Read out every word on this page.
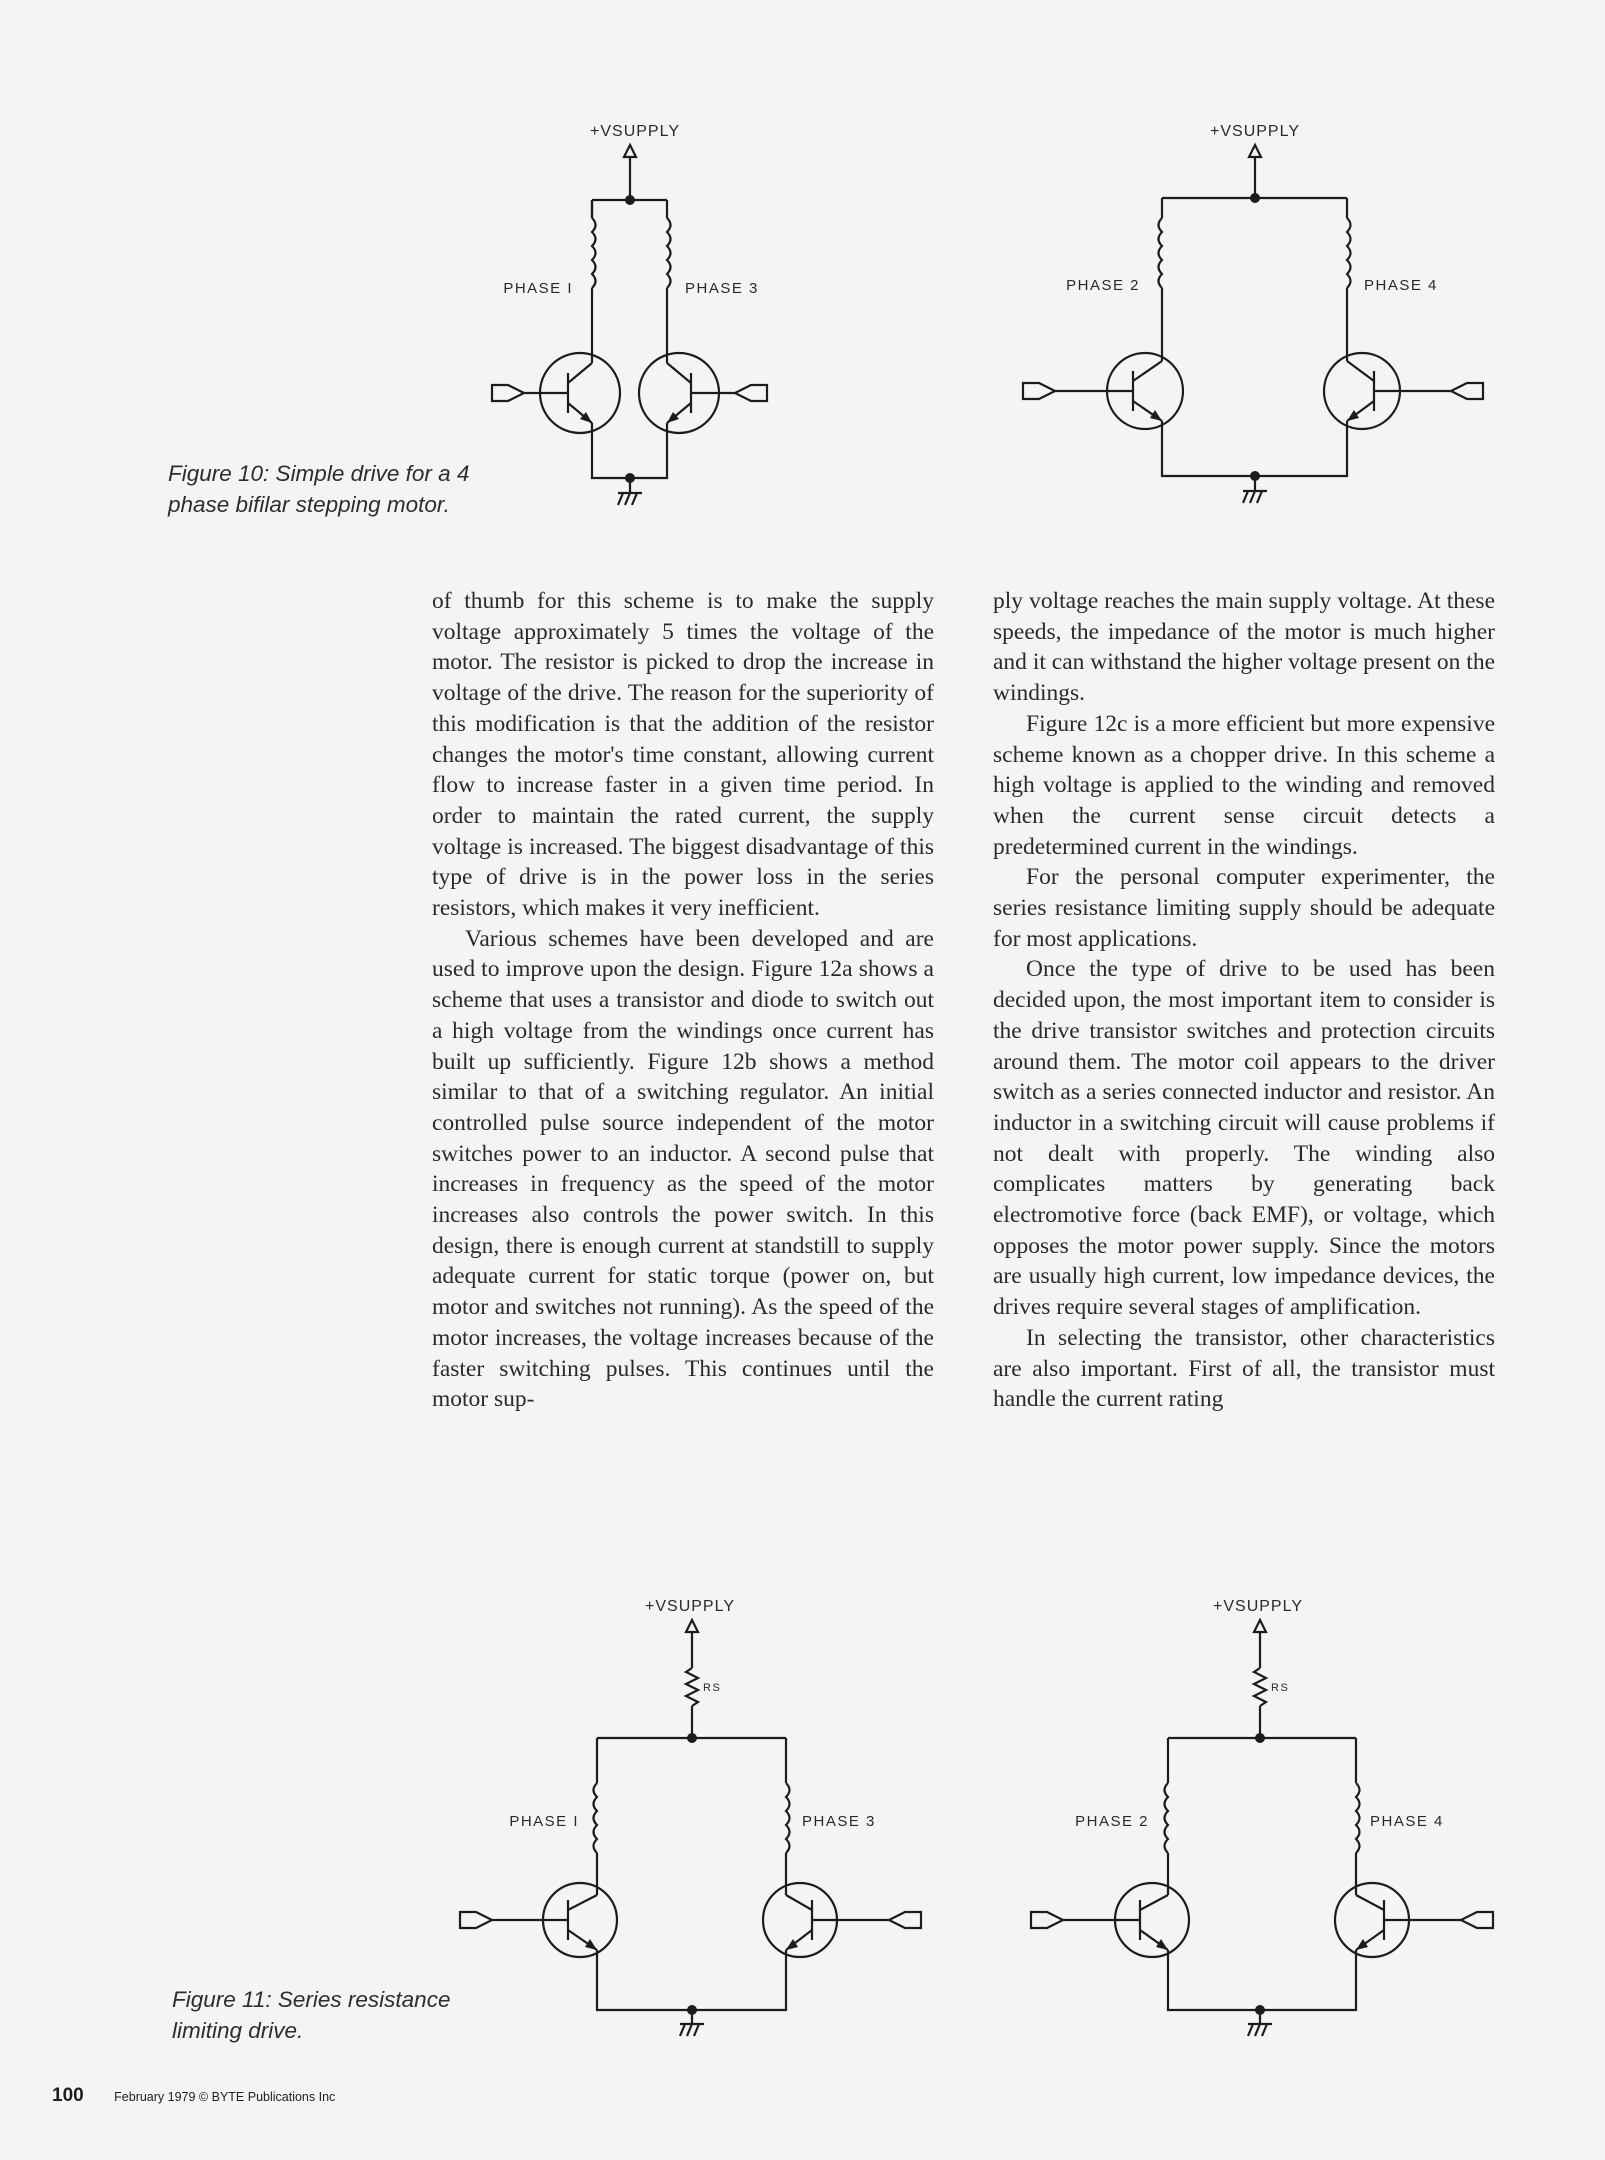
+VSUPPLY
PHASE I	PHASE 3
+VSUPPLY
PHASE 2	PHASE 4
Figure 10: Simple drive for a 4 phase bifilar stepping motor.

of thumb for this scheme is to make the supply voltage approximately 5 times the voltage of the motor. The resistor is picked to drop the increase in voltage of the drive. The reason for the superiority of this modification is that the addition of the resistor changes the motor's time constant, allowing current flow to increase faster in a given time period. In order to maintain the rated current, the supply voltage is increased. The biggest disadvantage of this type of drive is in the power loss in the series resistors, which makes it very inefficient.

Various schemes have been developed and are used to improve upon the design. Figure 12a shows a scheme that uses a transistor and diode to switch out a high voltage from the windings once current has built up sufficiently. Figure 12b shows a method similar to that of a switching regulator. An initial controlled pulse source independent of the motor switches power to an inductor. A second pulse that increases in frequency as the speed of the motor increases also controls the power switch. In this design, there is enough current at standstill to supply adequate current for static torque (power on, but motor and switches not running). As the speed of the motor increases, the voltage increases because of the faster switching pulses. This continues until the motor sup-

ply voltage reaches the main supply voltage. At these speeds, the impedance of the motor is much higher and it can withstand the higher voltage present on the windings.

Figure 12c is a more efficient but more expensive scheme known as a chopper drive. In this scheme a high voltage is applied to the winding and removed when the current sense circuit detects a predetermined current in the windings.

For the personal computer experimenter, the series resistance limiting supply should be adequate for most applications.

Once the type of drive to be used has been decided upon, the most important item to consider is the drive transistor switches and protection circuits around them. The motor coil appears to the driver switch as a series connected inductor and resistor. An inductor in a switching circuit will cause problems if not dealt with properly. The winding also complicates matters by generating back electromotive force (back EMF), or voltage, which opposes the motor power supply. Since the motors are usually high current, low impedance devices, the drives require several stages of amplification.

In selecting the transistor, other characteristics are also important. First of all, the transistor must handle the current rating

+VSUPPLY
RS
PHASE I	PHASE 3
+VSUPPLY
RS
PHASE 2	PHASE 4
Figure 11: Series resistance limiting drive.
100 February 1979 © BYTE Publications Inc
